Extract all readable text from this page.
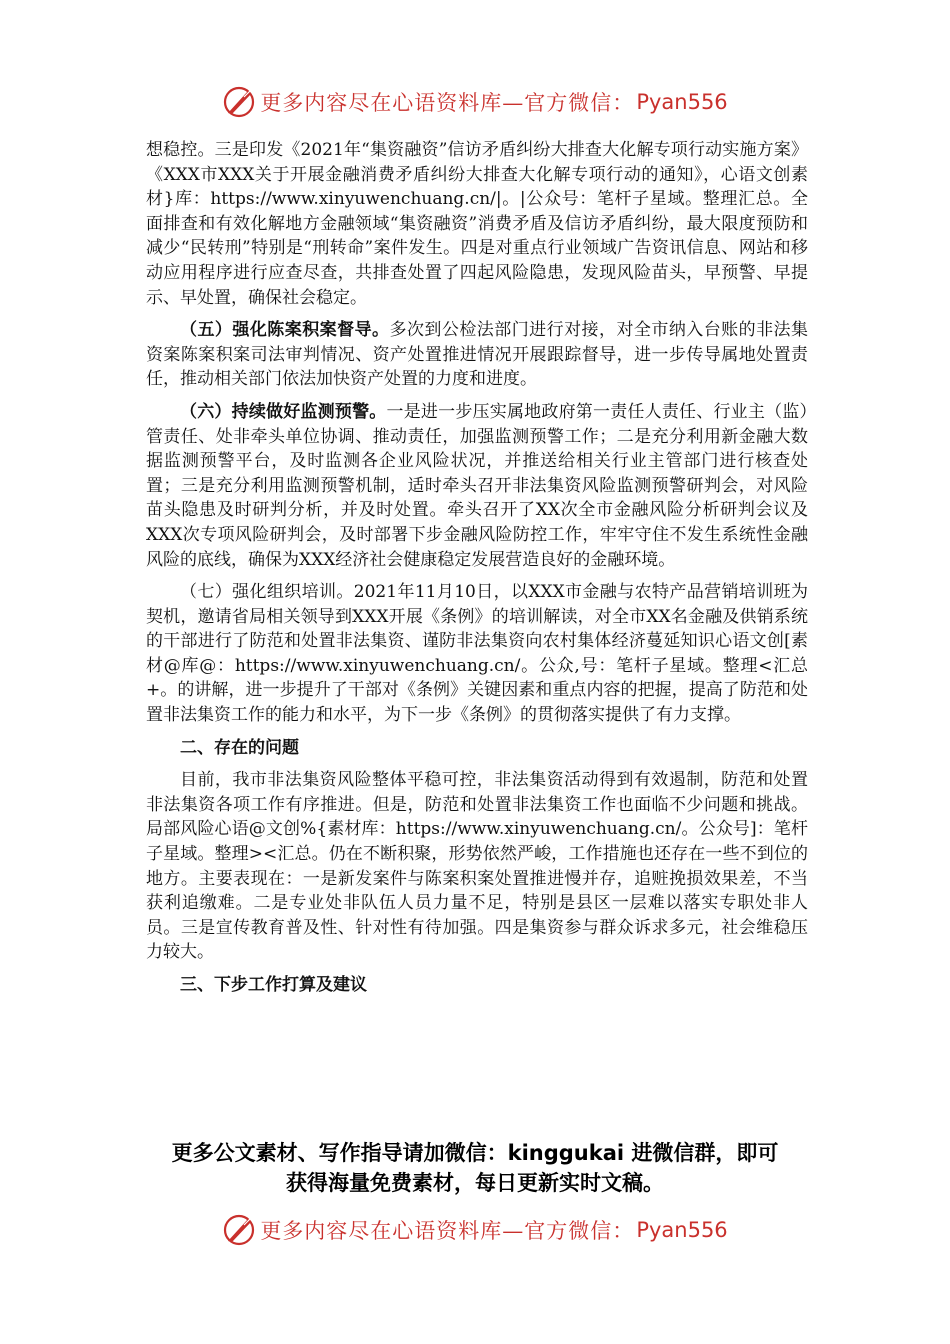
更多内容尽在心语资料库—官方微信： Pyan556

想稳控。三是印发《2021年“集资融资”信访矛盾纠纷大排查大化解专项行动实施方案》《XXX市XXX关于开展金融消费矛盾纠纷大排查大化解专项行动的通知》，心语文创素材}库：https://www.xinyuwenchuang.cn/|。|公众号：笔杆子星域。整理汇总。全面排查和有效化解地方金融领域“集资融资”消费矛盾及信访矛盾纠纷，最大限度预防和减少“民转刑”特别是“刑转命”案件发生。四是对重点行业领域广告资讯信息、网站和移动应用程序进行应查尽查，共排查处置了四起风险隐患，发现风险苗头，早预警、早提示、早处置，确保社会稳定。

（五）强化陈案积案督导。多次到公检法部门进行对接，对全市纳入台账的非法集资案陈案积案司法审判情况、资产处置推进情况开展跟踪督导，进一步传导属地处置责任，推动相关部门依法加快资产处置的力度和进度。

（六）持续做好监测预警。一是进一步压实属地政府第一责任人责任、行业主（监）管责任、处非牵头单位协调、推动责任，加强监测预警工作；二是充分利用新金融大数据监测预警平台，及时监测各企业风险状况，并推送给相关行业主管部门进行核查处置；三是充分利用监测预警机制，适时牵头召开非法集资风险监测预警研判会，对风险苗头隐患及时研判分析，并及时处置。牵头召开了XX次全市金融风险分析研判会议及XXX次专项风险研判会，及时部署下步金融风险防控工作，牢牢守住不发生系统性金融风险的底线，确保为XXX经济社会健康稳定发展营造良好的金融环境。

（七）强化组织培训。2021年11月10日，以XXX市金融与农特产品营销培训班为契机，邀请省局相关领导到XXX开展《条例》的培训解读，对全市XX名金融及供销系统的干部进行了防范和处置非法集资、谨防非法集资向农村集体经济蔓延知识心语文创[素材@库@：https://www.xinyuwenchuang.cn/。公众,号：笔杆子星域。整理<汇总+。的讲解，进一步提升了干部对《条例》关键因素和重点内容的把握，提高了防范和处置非法集资工作的能力和水平，为下一步《条例》的贯彻落实提供了有力支撑。

二、存在的问题

目前，我市非法集资风险整体平稳可控，非法集资活动得到有效遏制，防范和处置非法集资各项工作有序推进。但是，防范和处置非法集资工作也面临不少问题和挑战。局部风险心语@文创%{素材库：https://www.xinyuwenchuang.cn/。公众号]：笔杆子星域。整理><汇总。仍在不断积聚，形势依然严峻，工作措施也还存在一些不到位的地方。主要表现在：一是新发案件与陈案积案处置推进慢并存，追赃挽损效果差，不当获利追缴难。二是专业处非队伍人员力量不足，特别是县区一层难以落实专职处非人员。三是宣传教育普及性、针对性有待加强。四是集资参与群众诉求多元，社会维稳压力较大。

三、下步工作打算及建议

更多公文素材、写作指导请加微信：kinggukai 进微信群，即可
获得海量免费素材，每日更新实时文稿。
更多内容尽在心语资料库—官方微信： Pyan556
